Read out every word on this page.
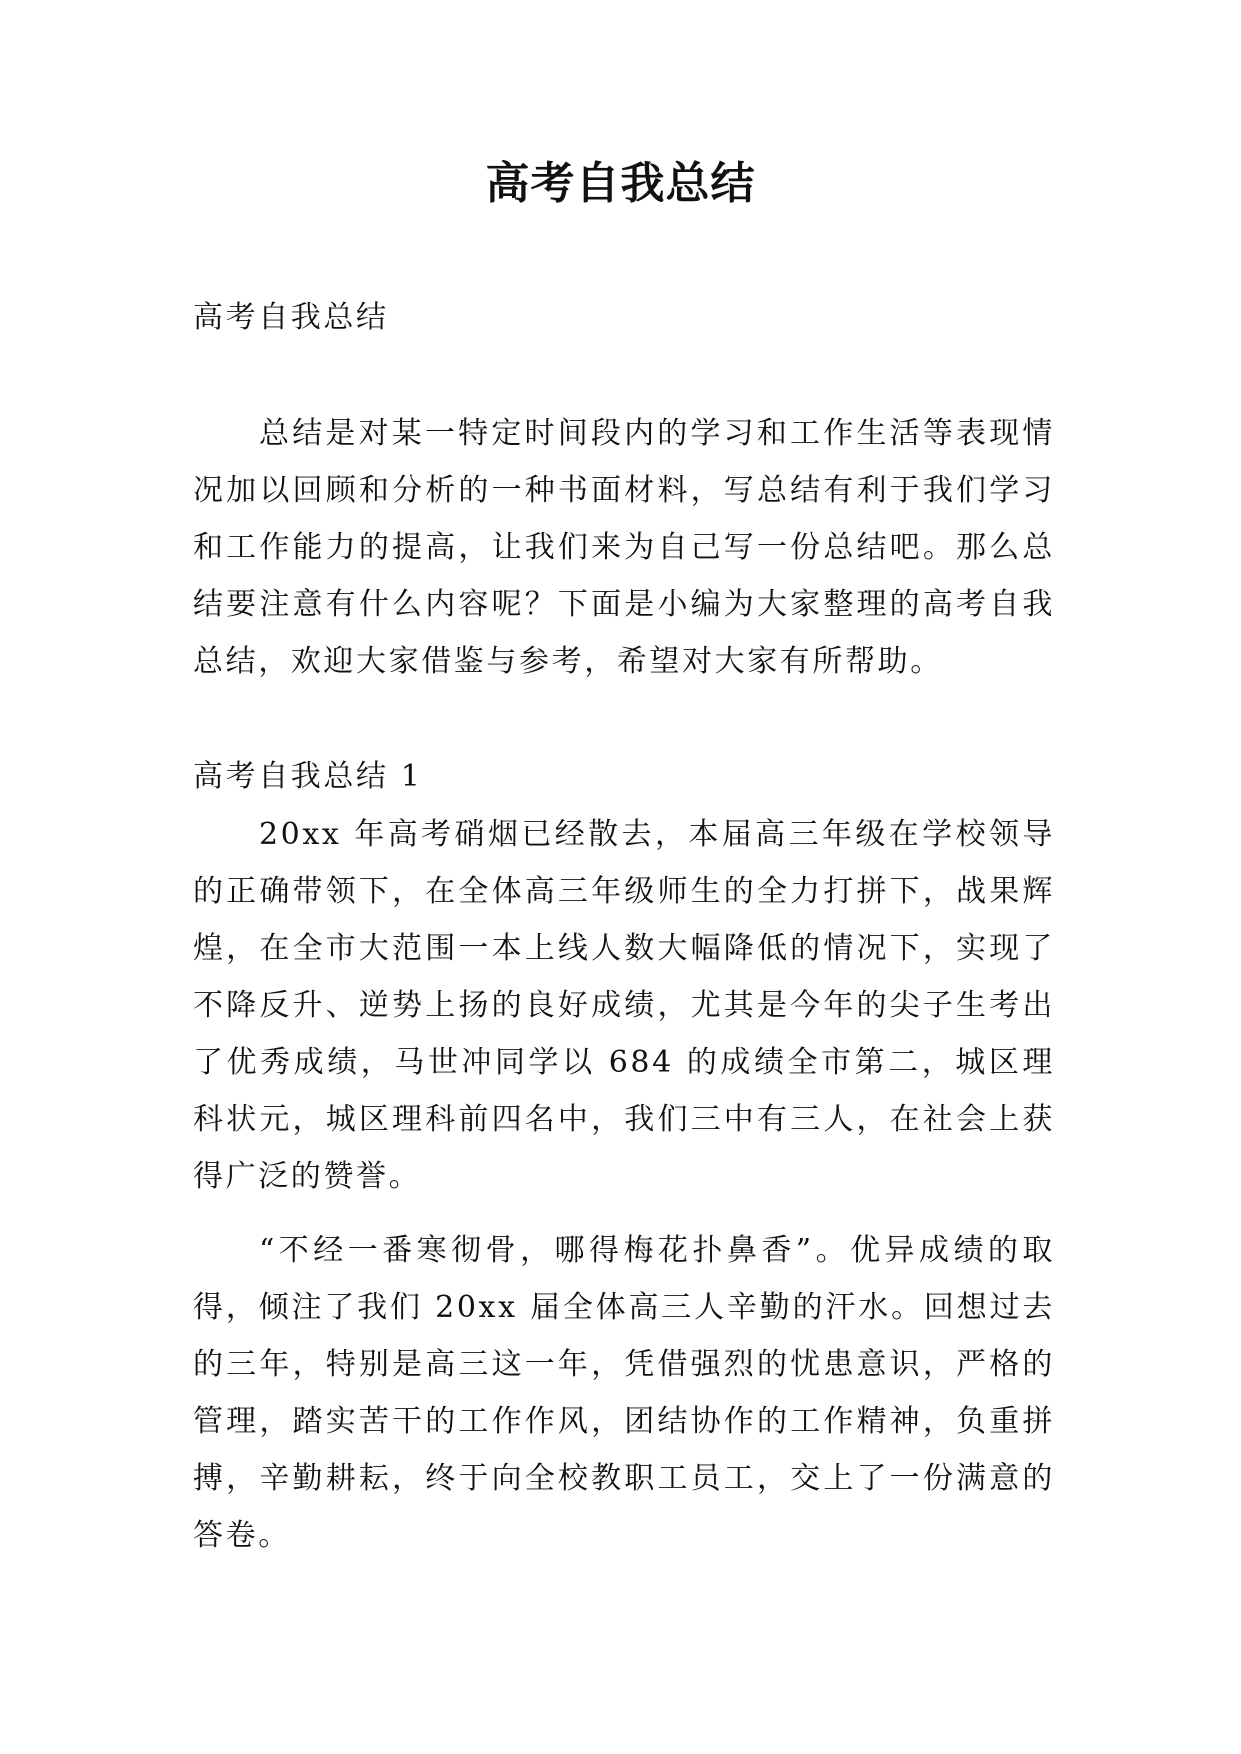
高考自我总结

高考自我总结

总结是对某一特定时间段内的学习和工作生活等表现情况加以回顾和分析的一种书面材料，写总结有利于我们学习和工作能力的提高，让我们来为自己写一份总结吧。那么总结要注意有什么内容呢？下面是小编为大家整理的高考自我总结，欢迎大家借鉴与参考，希望对大家有所帮助。

高考自我总结 1

20xx 年高考硝烟已经散去，本届高三年级在学校领导的正确带领下，在全体高三年级师生的全力打拼下，战果辉煌，在全市大范围一本上线人数大幅降低的情况下，实现了不降反升、逆势上扬的良好成绩，尤其是今年的尖子生考出了优秀成绩，马世冲同学以 684 的成绩全市第二，城区理科状元，城区理科前四名中，我们三中有三人，在社会上获得广泛的赞誉。

“不经一番寒彻骨，哪得梅花扑鼻香”。优异成绩的取得，倾注了我们 20xx 届全体高三人辛勤的汗水。回想过去的三年，特别是高三这一年，凭借强烈的忧患意识，严格的管理，踏实苦干的工作作风，团结协作的工作精神，负重拼搏，辛勤耕耘，终于向全校教职工员工，交上了一份满意的答卷。
